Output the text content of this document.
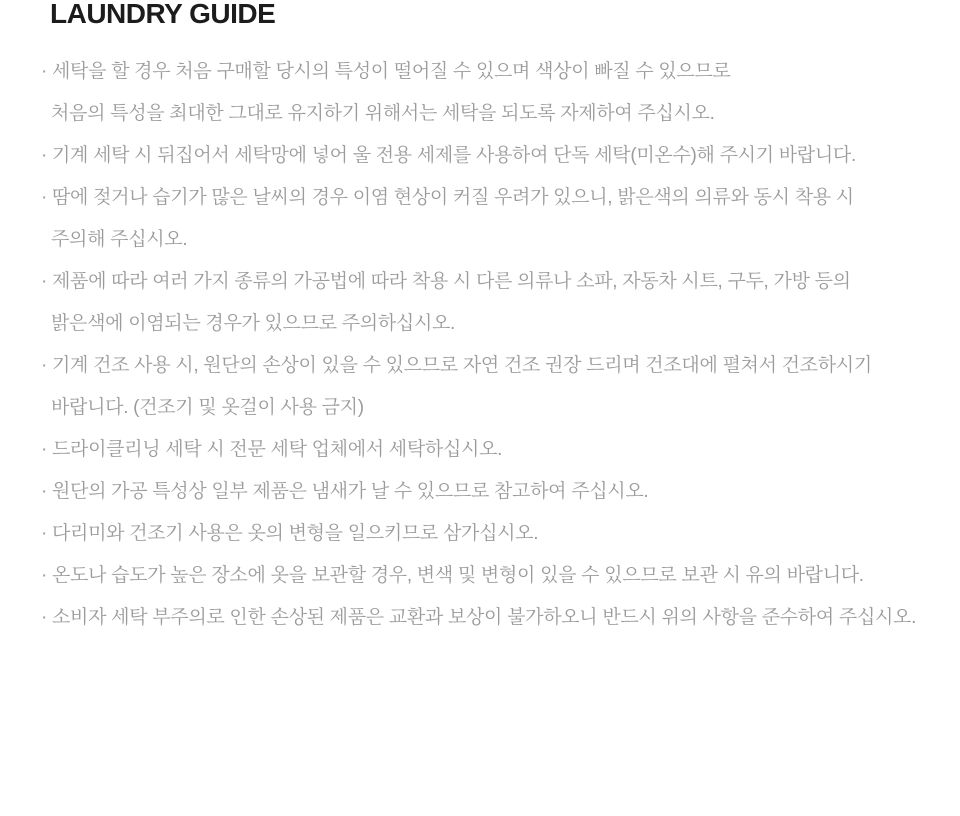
LAUNDRY GUIDE
· 세탁을 할 경우 처음 구매할 당시의 특성이 떨어질 수 있으며 색상이 빠질 수 있으므로
처음의 특성을 최대한 그대로 유지하기 위해서는 세탁을 되도록 자제하여 주십시오.
· 기계 세탁 시 뒤집어서 세탁망에 넣어 울 전용 세제를 사용하여 단독 세탁(미온수)해 주시기 바랍니다.
· 땀에 젖거나 습기가 많은 날씨의 경우 이염 현상이 커질 우려가 있으니, 밝은색의 의류와 동시 착용 시
주의해 주십시오.
· 제품에 따라 여러 가지 종류의 가공법에 따라 착용 시 다른 의류나 소파, 자동차 시트, 구두, 가방 등의
밝은색에 이염되는 경우가 있으므로 주의하십시오.
· 기계 건조 사용 시, 원단의 손상이 있을 수 있으므로 자연 건조 권장 드리며 건조대에 펼쳐서 건조하시기
바랍니다. (건조기 및 옷걸이 사용 금지)
· 드라이클리닝 세탁 시 전문 세탁 업체에서 세탁하십시오.
· 원단의 가공 특성상 일부 제품은 냄새가 날 수 있으므로 참고하여 주십시오.
· 다리미와 건조기 사용은 옷의 변형을 일으키므로 삼가십시오.
· 온도나 습도가 높은 장소에 옷을 보관할 경우, 변색 및 변형이 있을 수 있으므로 보관 시 유의 바랍니다.
· 소비자 세탁 부주의로 인한 손상된 제품은 교환과 보상이 불가하오니 반드시 위의 사항을 준수하여 주십시오.
